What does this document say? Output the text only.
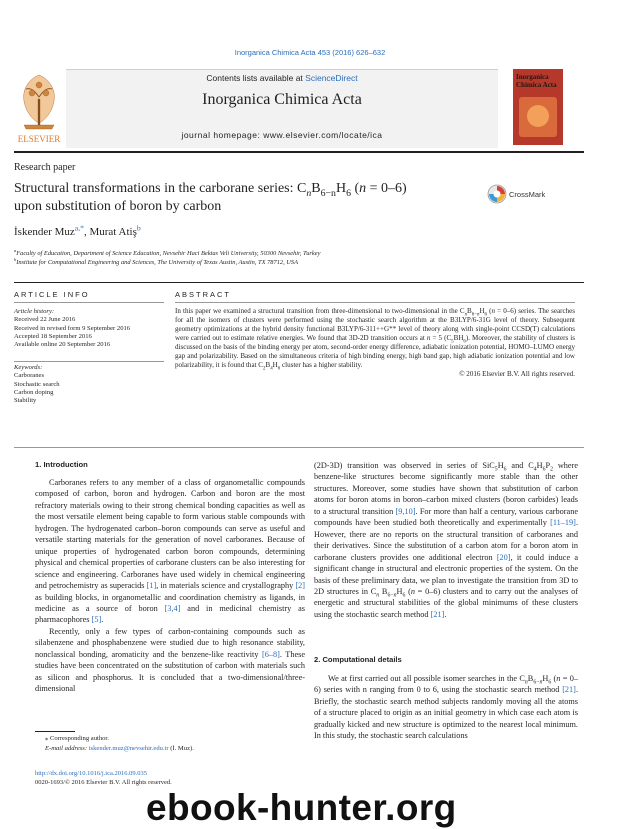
Inorganica Chimica Acta 453 (2016) 626–632
Contents lists available at ScienceDirect
Inorganica Chimica Acta
journal homepage: www.elsevier.com/locate/ica
ELSEVIER
Inorganica Chimica Acta
Research paper
Structural transformations in the carborane series: $C_nB_{6-n}H_6$ (n = 0–6)
upon substitution of boron by carbon
CrossMark
İskender Muz$^{a,*}$, Murat Atiş$^b$
$^a$Faculty of Education, Department of Science Education, Nevsehir Haci Bektas Veli University, 50300 Nevsehir, Turkey
$^b$Institute for Computational Engineering and Sciences, The University of Texas Austin, Austin, TX 78712, USA
ARTICLE INFO
Article history:
Received 22 June 2016
Received in revised form 9 September 2016
Accepted 18 September 2016
Available online 20 September 2016
Keywords:
Carboranes
Stochastic search
Carbon doping
Stability
ABSTRACT
In this paper we examined a structural transition from three-dimensional to two-dimensional in the $C_nB_{6-n}H_6$ (n = 0–6) series. The searches for all the isomers of clusters were performed using the stochastic search algorithm at the B3LYP/6-31G level of theory. Subsequent geometry optimizations at the hybrid density functional B3LYP/6-311++G** level of theory along with single-point CCSD(T) calculations were carried out to estimate relative energies. We found that 3D-2D transition occurs at n = 5 $(C_5BH_6)$. Moreover, the stability of clusters is discussed on the basis of the binding energy per atom, second-order energy difference, adiabatic ionization potential, HOMO–LUMO energy gap and polarizability. Based on the simultaneous criteria of high binding energy, high band gap, high adiabatic ionization potential and low polarizability, it is found that $C_2B_4H_6$ cluster has a higher stability.
© 2016 Elsevier B.V. All rights reserved.
1. Introduction

Carboranes refers to any member of a class of organometallic compounds composed of carbon, boron and hydrogen. Carbon and boron are the most refractory materials owing to their strong chemical bonding capacities as well as the most versatile element being capable to form various stable compounds with hydrogen. The hydrogenated carbon–boron compounds can serve as useful and versatile starting materials for the generation of novel carboranes. Because of unique properties of hydrogenated carbon boron compounds, determining physical and chemical properties of carborane clusters can be also interesting for science and engineering. Carboranes have used widely in chemical engineering and petrochemistry as superacids [1], in materials science and crystallography [2] as building blocks, in organometallic and coordination chemistry as ligands, in medicine as a source of boron [3,4] and in medicinal chemistry as pharmacophores [5].

Recently, only a few types of carbon-containing compounds such as silabenzene and phosphabenzene were studied due to high resonance stability, nonclassical bonding, aromaticity and the benzene-like reactivity [6–8]. These studies have been concentrated on the substitution of carbon with materials such as silicon and phosphorus. It is concluded that a two-dimensional/three-dimensional

(2D-3D) transition was observed in series of $SiC_5H_6$ and $C_4H_6P_2$ where benzene-like structures become significantly more stable than the other structures. Moreover, some studies have shown that substitution of carbon atoms for boron atoms in boron–carbon mixed clusters (boron carbides) leads to a structural transition [9,10]. For more than half a century, various carborane compounds have been studied both theoretically and experimentally [11–19]. However, there are no reports on the structural transition of carboranes and their derivatives. Since the substitution of a carbon atom for a boron atom in carborane clusters provides one additional electron [20], it could induce a significant change in structural and electronic properties of the system. On the basis of these preliminary data, we plan to investigate the transition from 3D to 2D structures in $C_n$ $B_{6-n}H_6$ (n = 0–6) clusters and to carry out the analyses of energetic and structural stabilities of the global minimums of these clusters using the stochastic search method [21].

2. Computational details

We at first carried out all possible isomer searches in the $C_nB_{6-n}H_6$ (n = 0–6) series with n ranging from 0 to 6, using the stochastic search method [21]. Briefly, the stochastic search method subjects randomly moving all the atoms of a structure placed to origin as an initial geometry in which case each atom is gradually kicked and new structure is optimized to the nearest local minimum. In this study, the stochastic search calculations

⁎ Corresponding author.
E-mail address: iskender.muz@nevsehir.edu.tr (İ. Muz).
http://dx.doi.org/10.1016/j.ica.2016.09.035
0020-1693/© 2016 Elsevier B.V. All rights reserved.
ebook-hunter.org
